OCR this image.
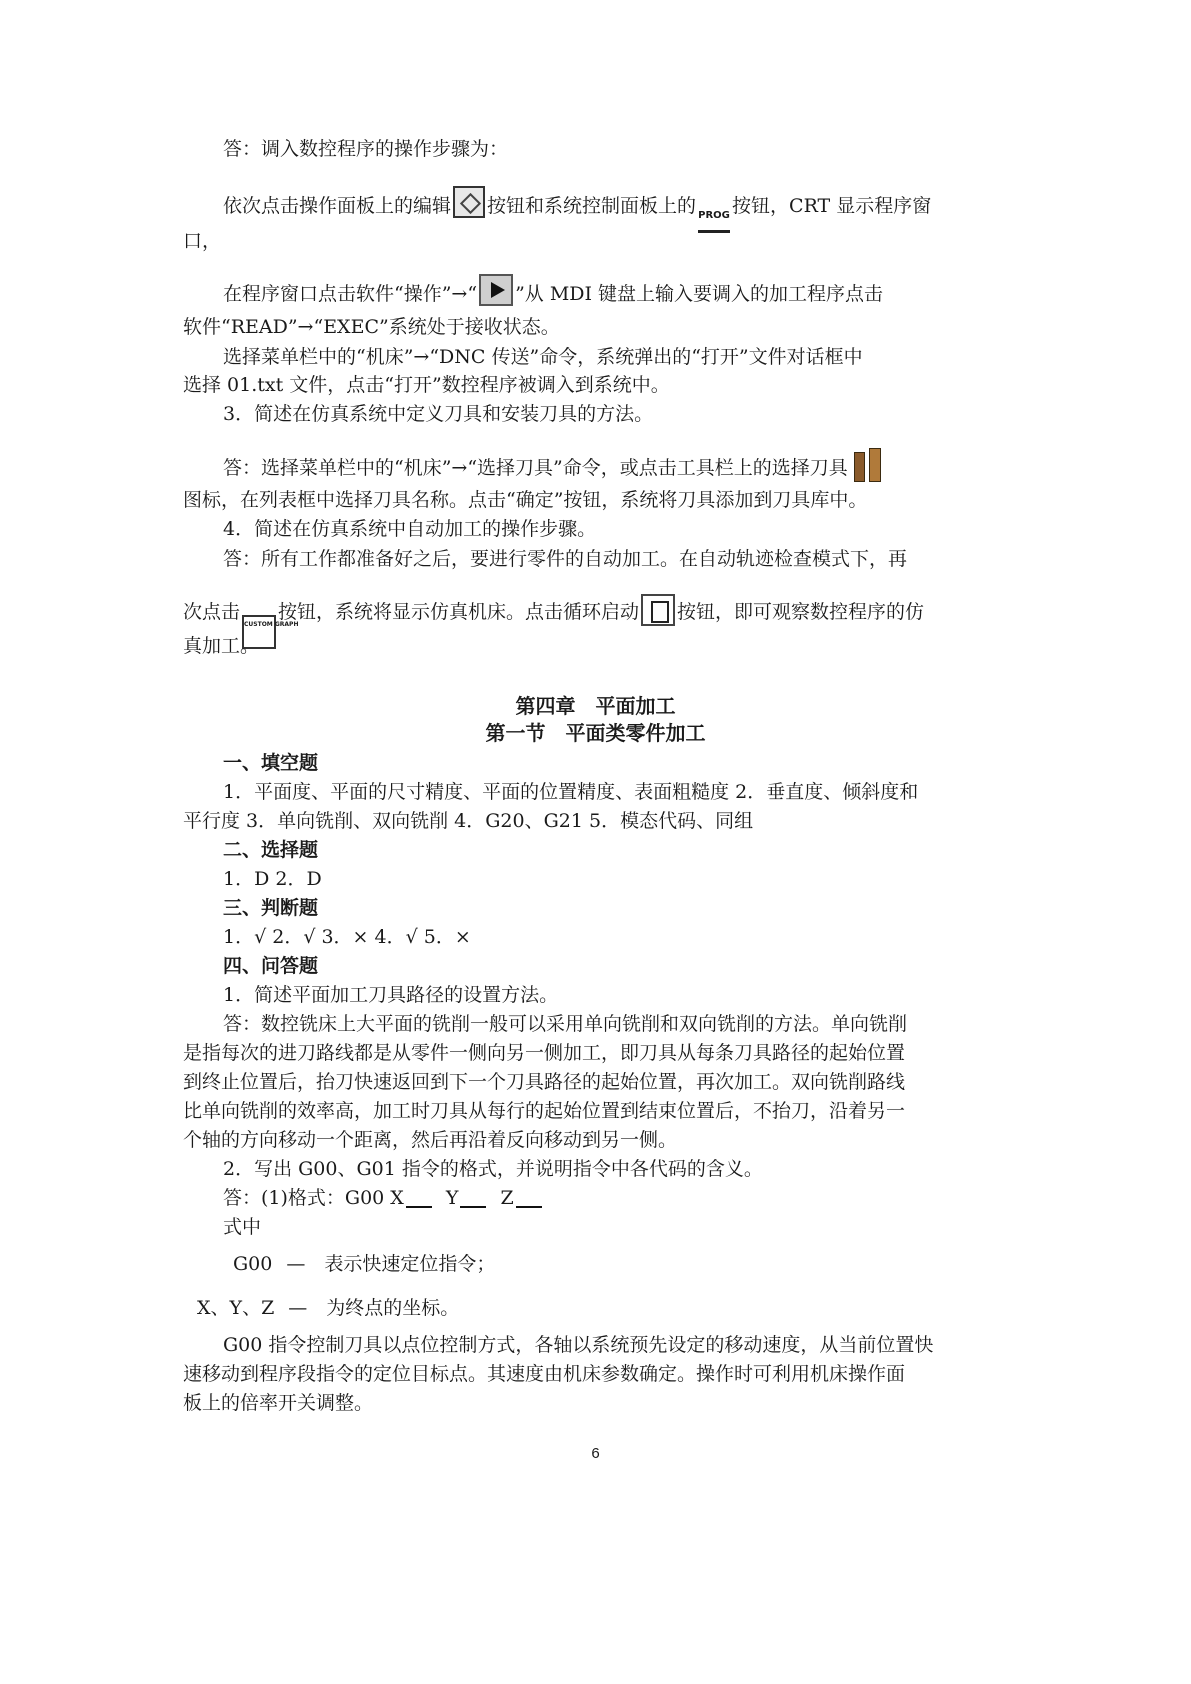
答：调入数控程序的操作步骤为：
依次点击操作面板上的编辑 按钮和系统控制面板上的 PROG 按钮，CRT 显示程序窗
口，
在程序窗口点击软件“操作”→“ ”从 MDI 键盘上输入要调入的加工程序点击
软件“READ”→“EXEC”系统处于接收状态。
选择菜单栏中的“机床”→“DNC 传送”命令，系统弹出的“打开”文件对话框中
选择 01.txt 文件，点击“打开”数控程序被调入到系统中。
3．简述在仿真系统中定义刀具和安装刀具的方法。
答：选择菜单栏中的“机床”→“选择刀具”命令，或点击工具栏上的选择刀具
图标，在列表框中选择刀具名称。点击“确定”按钮，系统将刀具添加到刀具库中。
4．简述在仿真系统中自动加工的操作步骤。
答：所有工作都准备好之后，要进行零件的自动加工。在自动轨迹检查模式下，再
次点击CUSTOM GRAPH按钮，系统将显示仿真机床。点击循环启动 按钮，即可观察数控程序的仿
真加工。
第四章　平面加工
第一节　平面类零件加工
一、填空题
1．平面度、平面的尺寸精度、平面的位置精度、表面粗糙度 2．垂直度、倾斜度和
平行度 3．单向铣削、双向铣削 4．G20、G21 5．模态代码、同组
二、选择题
1．D 2．D
三、判断题
1．√ 2．√ 3．× 4．√ 5．×
四、问答题
1．简述平面加工刀具路径的设置方法。
答：数控铣床上大平面的铣削一般可以采用单向铣削和双向铣削的方法。单向铣削
是指每次的进刀路线都是从零件一侧向另一侧加工，即刀具从每条刀具路径的起始位置
到终止位置后，抬刀快速返回到下一个刀具路径的起始位置，再次加工。双向铣削路线
比单向铣削的效率高，加工时刀具从每行的起始位置到结束位置后，不抬刀，沿着另一
个轴的方向移动一个距离，然后再沿着反向移动到另一侧。
2．写出 G00、G01 指令的格式，并说明指令中各代码的含义。
答：(1)格式：G00 X Y Z
式中
G00 —　表示快速定位指令；
X、Y、Z —　为终点的坐标。
G00 指令控制刀具以点位控制方式，各轴以系统预先设定的移动速度，从当前位置快
速移动到程序段指令的定位目标点。其速度由机床参数确定。操作时可利用机床操作面
板上的倍率开关调整。
6
